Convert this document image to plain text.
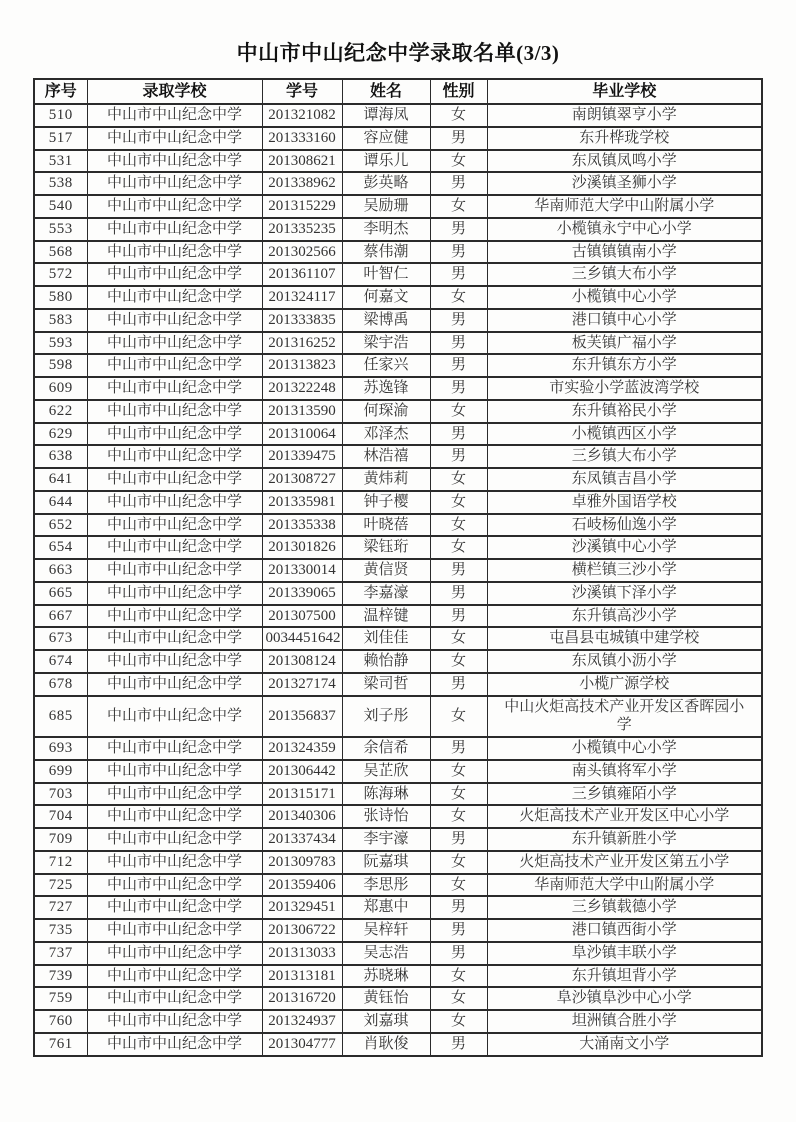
中山市中山纪念中学录取名单(3/3)
序号	录取学校	学号	姓名	性别	毕业学校
510	中山市中山纪念中学	201321082	谭海凤	女	南朗镇翠亨小学
517	中山市中山纪念中学	201333160	容应健	男	东升桦珑学校
531	中山市中山纪念中学	201308621	谭乐儿	女	东凤镇凤鸣小学
538	中山市中山纪念中学	201338962	彭英略	男	沙溪镇圣狮小学
540	中山市中山纪念中学	201315229	吴励珊	女	华南师范大学中山附属小学
553	中山市中山纪念中学	201335235	李明杰	男	小榄镇永宁中心小学
568	中山市中山纪念中学	201302566	蔡伟潮	男	古镇镇镇南小学
572	中山市中山纪念中学	201361107	叶智仁	男	三乡镇大布小学
580	中山市中山纪念中学	201324117	何嘉文	女	小榄镇中心小学
583	中山市中山纪念中学	201333835	梁博禹	男	港口镇中心小学
593	中山市中山纪念中学	201316252	梁宇浩	男	板芙镇广福小学
598	中山市中山纪念中学	201313823	任家兴	男	东升镇东方小学
609	中山市中山纪念中学	201322248	苏逸锋	男	市实验小学蓝波湾学校
622	中山市中山纪念中学	201313590	何琛渝	女	东升镇裕民小学
629	中山市中山纪念中学	201310064	邓泽杰	男	小榄镇西区小学
638	中山市中山纪念中学	201339475	林浩禧	男	三乡镇大布小学
641	中山市中山纪念中学	201308727	黄炜莉	女	东凤镇吉昌小学
644	中山市中山纪念中学	201335981	钟子樱	女	卓雅外国语学校
652	中山市中山纪念中学	201335338	叶晓蓓	女	石岐杨仙逸小学
654	中山市中山纪念中学	201301826	梁钰珩	女	沙溪镇中心小学
663	中山市中山纪念中学	201330014	黄信贤	男	横栏镇三沙小学
665	中山市中山纪念中学	201339065	李嘉濠	男	沙溪镇下泽小学
667	中山市中山纪念中学	201307500	温梓键	男	东升镇高沙小学
673	中山市中山纪念中学	0034451642	刘佳佳	女	屯昌县屯城镇中建学校
674	中山市中山纪念中学	201308124	赖怡静	女	东凤镇小沥小学
678	中山市中山纪念中学	201327174	梁司哲	男	小榄广源学校
685	中山市中山纪念中学	201356837	刘子彤	女	中山火炬高技术产业开发区香晖园小学
693	中山市中山纪念中学	201324359	余信希	男	小榄镇中心小学
699	中山市中山纪念中学	201306442	吴芷欣	女	南头镇将军小学
703	中山市中山纪念中学	201315171	陈海琳	女	三乡镇雍陌小学
704	中山市中山纪念中学	201340306	张诗怡	女	火炬高技术产业开发区中心小学
709	中山市中山纪念中学	201337434	李宇濠	男	东升镇新胜小学
712	中山市中山纪念中学	201309783	阮嘉琪	女	火炬高技术产业开发区第五小学
725	中山市中山纪念中学	201359406	李思彤	女	华南师范大学中山附属小学
727	中山市中山纪念中学	201329451	郑惠中	男	三乡镇载德小学
735	中山市中山纪念中学	201306722	吴梓轩	男	港口镇西街小学
737	中山市中山纪念中学	201313033	吴志浩	男	阜沙镇丰联小学
739	中山市中山纪念中学	201313181	苏晓琳	女	东升镇坦背小学
759	中山市中山纪念中学	201316720	黄钰怡	女	阜沙镇阜沙中心小学
760	中山市中山纪念中学	201324937	刘嘉琪	女	坦洲镇合胜小学
761	中山市中山纪念中学	201304777	肖耿俊	男	大涌南文小学
